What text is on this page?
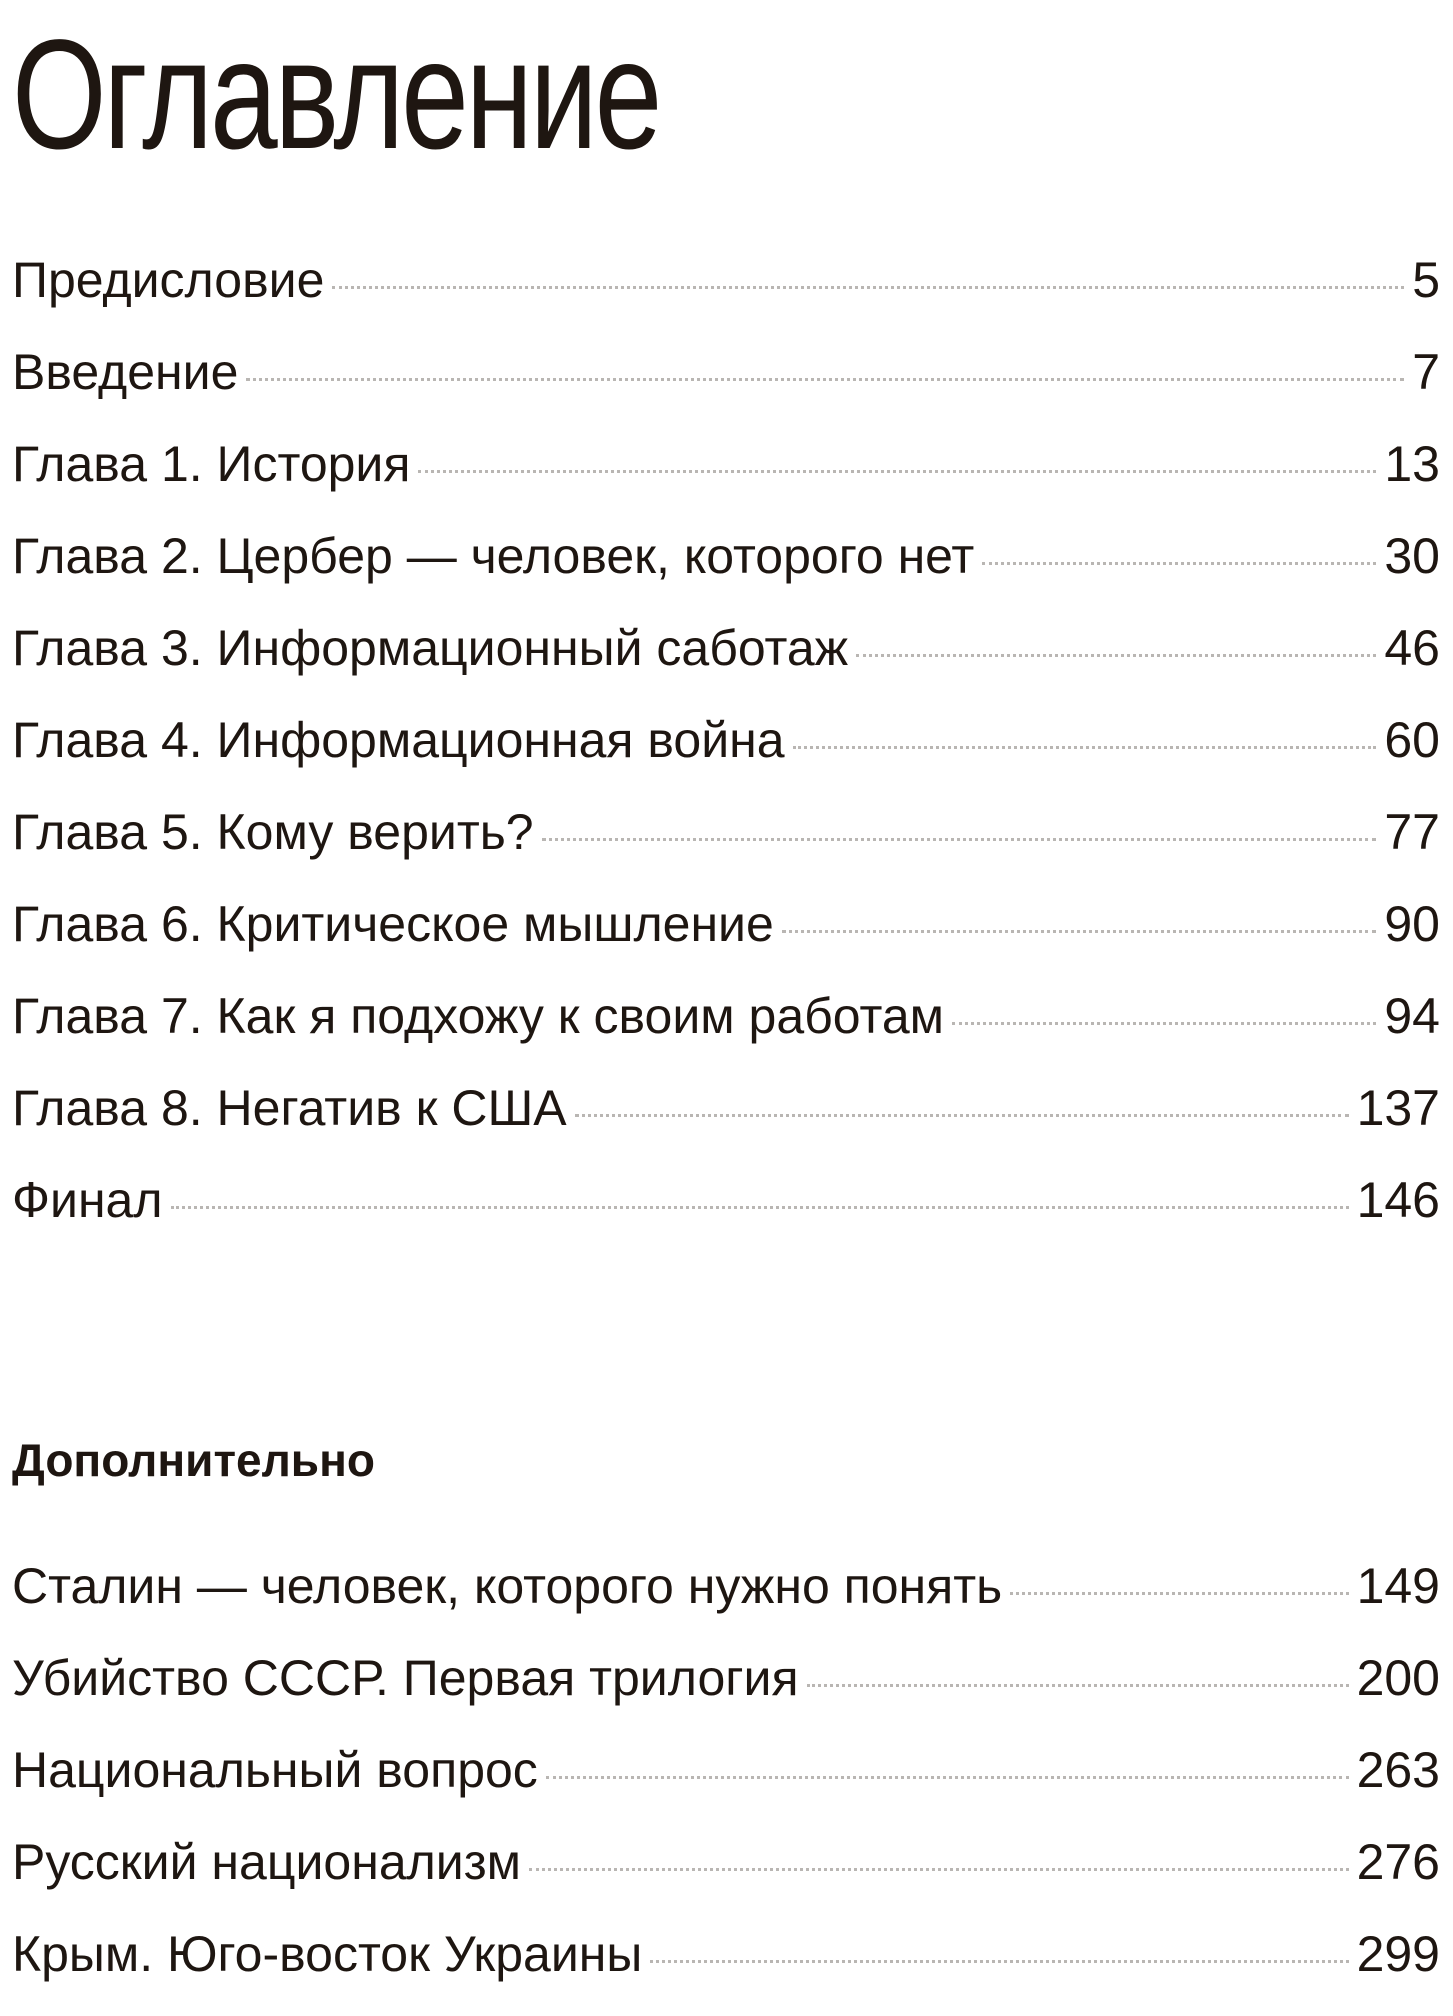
Оглавление
Предисловие	5
Введение	7
Глава 1. История	13
Глава 2. Цербер — человек, которого нет	30
Глава 3. Информационный саботаж	46
Глава 4. Информационная война	60
Глава 5. Кому верить?	77
Глава 6. Критическое мышление	90
Глава 7. Как я подхожу к своим работам	94
Глава 8. Негатив к США	137
Финал	146
Дополнительно
Сталин — человек, которого нужно понять	149
Убийство СССР. Первая трилогия	200
Национальный вопрос	263
Русский национализм	276
Крым. Юго-восток Украины	299
